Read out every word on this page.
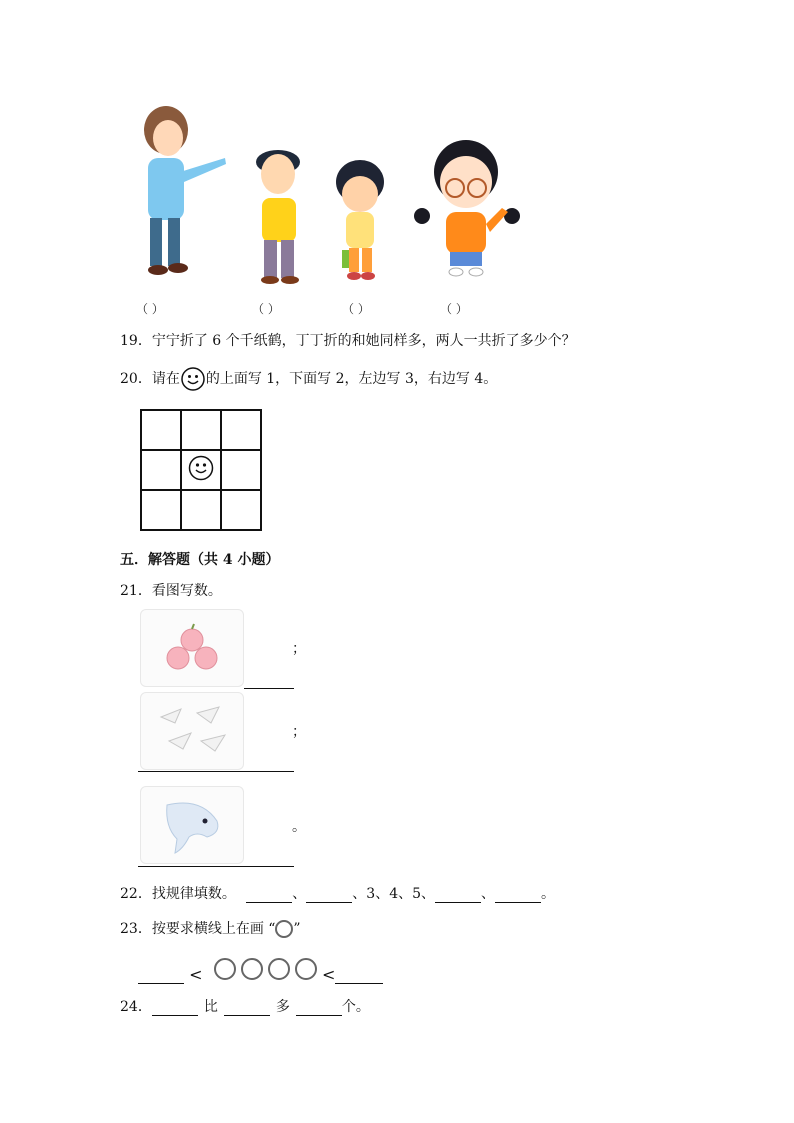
（ ）	（ ）	（ ）	（ ）
19．宁宁折了 6 个千纸鹤，丁丁折的和她同样多，两人一共折了多少个？
20．请在 的上面写 1，下面写 2，左边写 3，右边写 4。

五．解答题（共 4 小题）
21．看图写数。
；
；
。
22．找规律填数。	、	、3、4、5、	、	。
23．按要求横线上在画 “ ”
<	<
24．	比	多	个。
